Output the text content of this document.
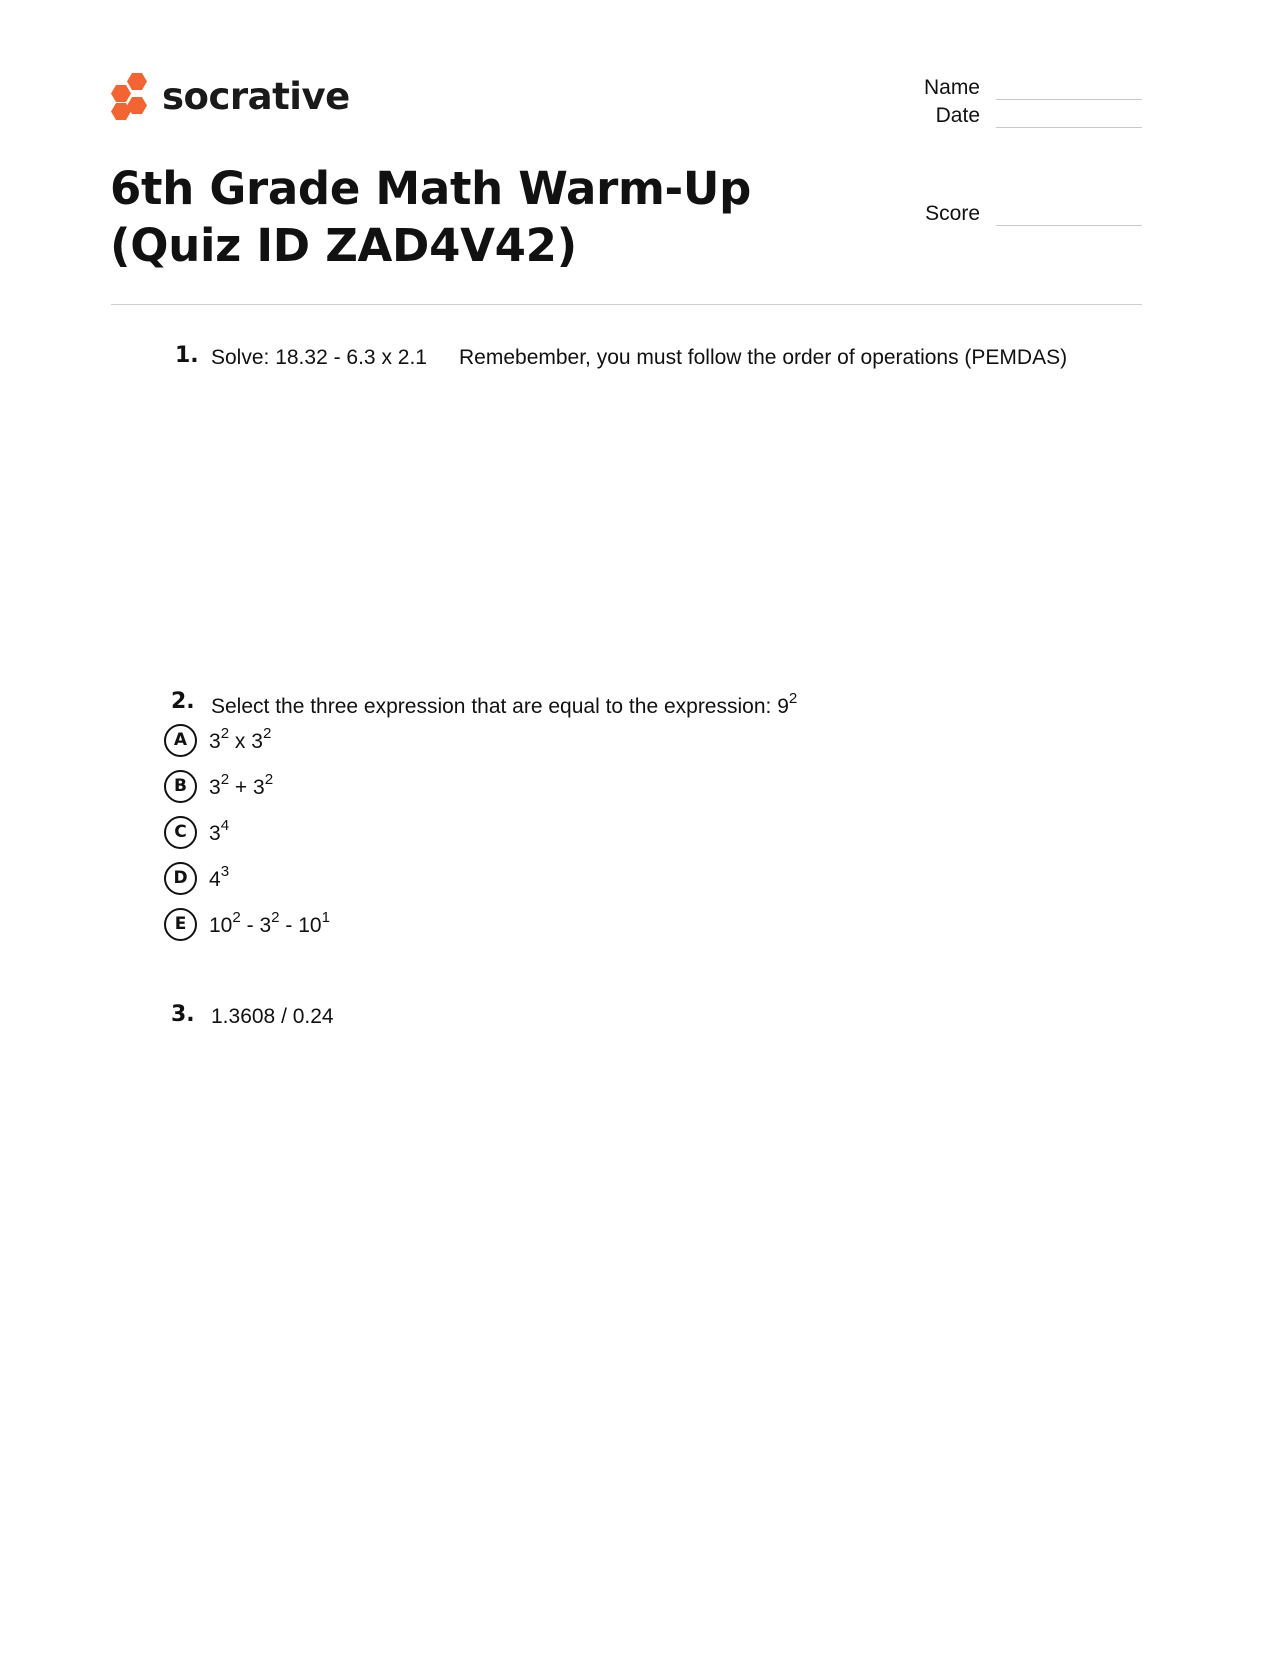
socrative	Name
Date
Score
6th Grade Math Warm-Up (Quiz ID ZAD4V42)
1. Solve: 18.32 - 6.3 x 2.1 Remebember, you must follow the order of operations (PEMDAS)
2. Select the three expression that are equal to the expression: $9^2$
A	$3^2$ x $3^2$
B	$3^2 + 3^2$
C	$3^4$
D	$4^3$
E	$10^2 - 3^2 - 10^1$
3. 1.3608 / 0.24
